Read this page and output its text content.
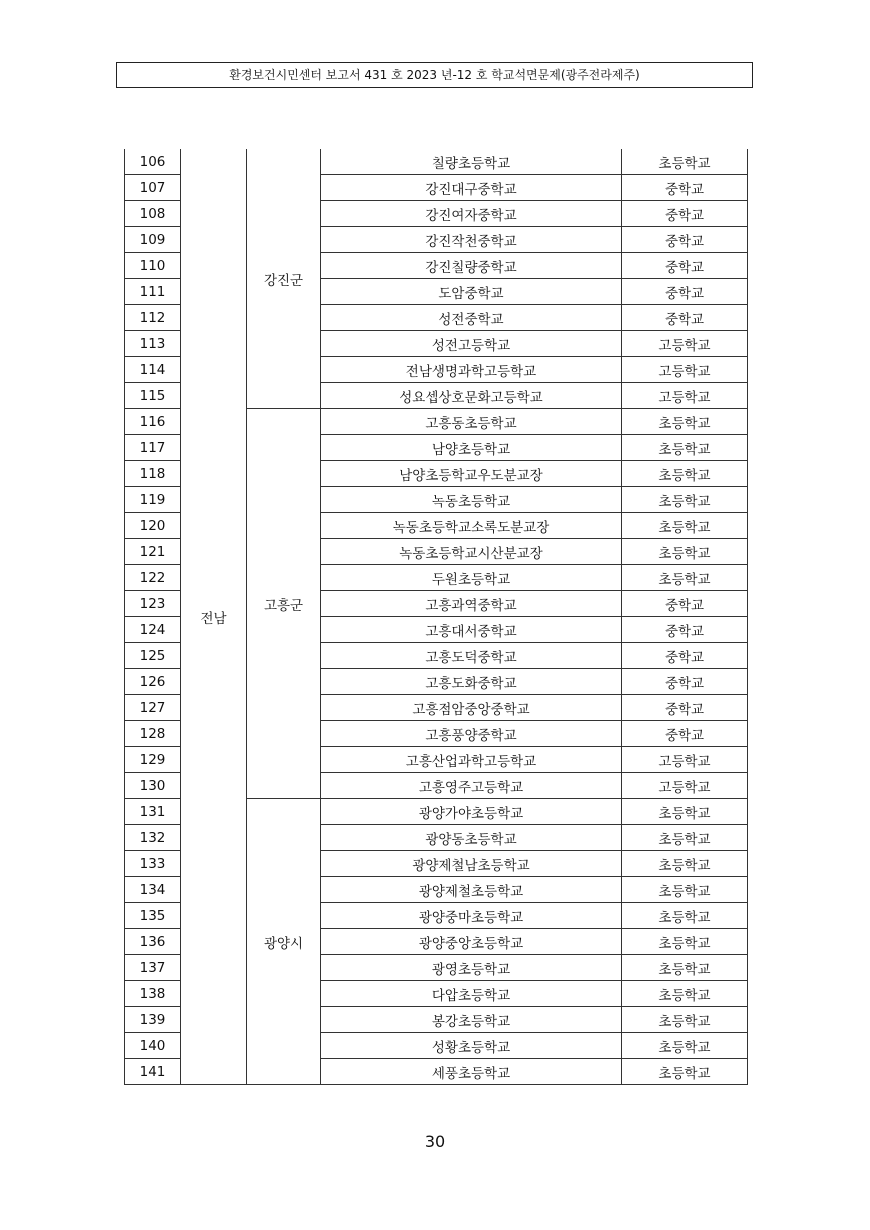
환경보건시민센터 보고서 431 호 2023 년-12 호 학교석면문제(광주전라제주)
106	전남	강진군	칠량초등학교	초등학교
107			강진대구중학교	중학교
108			강진여자중학교	중학교
109			강진작천중학교	중학교
110			강진칠량중학교	중학교
111			도암중학교	중학교
112			성전중학교	중학교
113			성전고등학교	고등학교
114			전남생명과학고등학교	고등학교
115			성요셉상호문화고등학교	고등학교
116		고흥군	고흥동초등학교	초등학교
117			남양초등학교	초등학교
118			남양초등학교우도분교장	초등학교
119			녹동초등학교	초등학교
120			녹동초등학교소록도분교장	초등학교
121			녹동초등학교시산분교장	초등학교
122			두원초등학교	초등학교
123			고흥과역중학교	중학교
124			고흥대서중학교	중학교
125			고흥도덕중학교	중학교
126			고흥도화중학교	중학교
127			고흥점암중앙중학교	중학교
128			고흥풍양중학교	중학교
129			고흥산업과학고등학교	고등학교
130			고흥영주고등학교	고등학교
131		광양시	광양가야초등학교	초등학교
132			광양동초등학교	초등학교
133			광양제철남초등학교	초등학교
134			광양제철초등학교	초등학교
135			광양중마초등학교	초등학교
136			광양중앙초등학교	초등학교
137			광영초등학교	초등학교
138			다압초등학교	초등학교
139			봉강초등학교	초등학교
140			성황초등학교	초등학교
141			세풍초등학교	초등학교
30
